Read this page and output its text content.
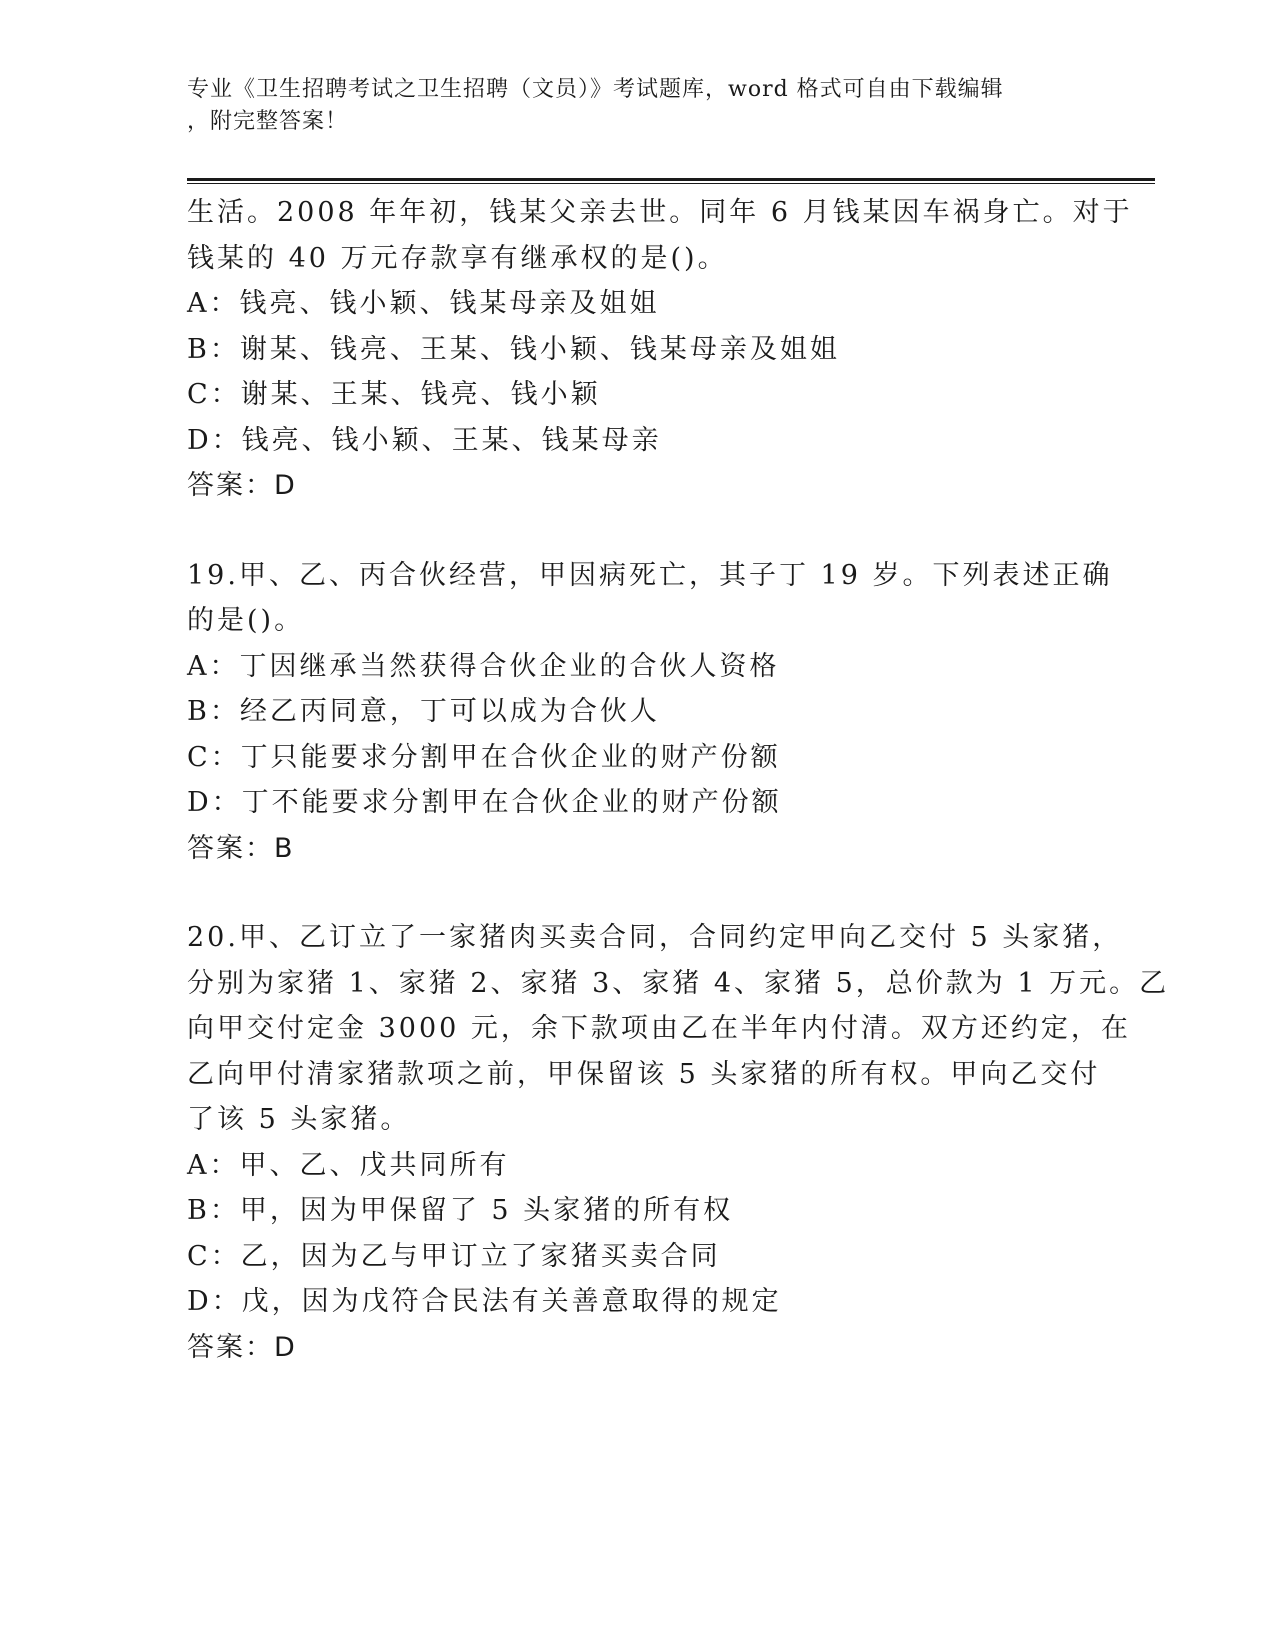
专业《卫生招聘考试之卫生招聘（文员）》考试题库，word 格式可自由下载编辑
，附完整答案！
生活。2008 年年初，钱某父亲去世。同年 6 月钱某因车祸身亡。对于
钱某的 40 万元存款享有继承权的是()。
A：钱亮、钱小颖、钱某母亲及姐姐
B：谢某、钱亮、王某、钱小颖、钱某母亲及姐姐
C：谢某、王某、钱亮、钱小颖
D：钱亮、钱小颖、王某、钱某母亲
答案：D
19.甲、乙、丙合伙经营，甲因病死亡，其子丁 19 岁。下列表述正确
的是()。
A：丁因继承当然获得合伙企业的合伙人资格
B：经乙丙同意，丁可以成为合伙人
C：丁只能要求分割甲在合伙企业的财产份额
D：丁不能要求分割甲在合伙企业的财产份额
答案：B
20.甲、乙订立了一家猪肉买卖合同，合同约定甲向乙交付 5 头家猪，
分别为家猪 1、家猪 2、家猪 3、家猪 4、家猪 5，总价款为 1 万元。乙
向甲交付定金 3000 元，余下款项由乙在半年内付清。双方还约定，在
乙向甲付清家猪款项之前，甲保留该 5 头家猪的所有权。甲向乙交付
了该 5 头家猪。
A：甲、乙、戊共同所有
B：甲，因为甲保留了 5 头家猪的所有权
C：乙，因为乙与甲订立了家猪买卖合同
D：戊，因为戊符合民法有关善意取得的规定
答案：D
